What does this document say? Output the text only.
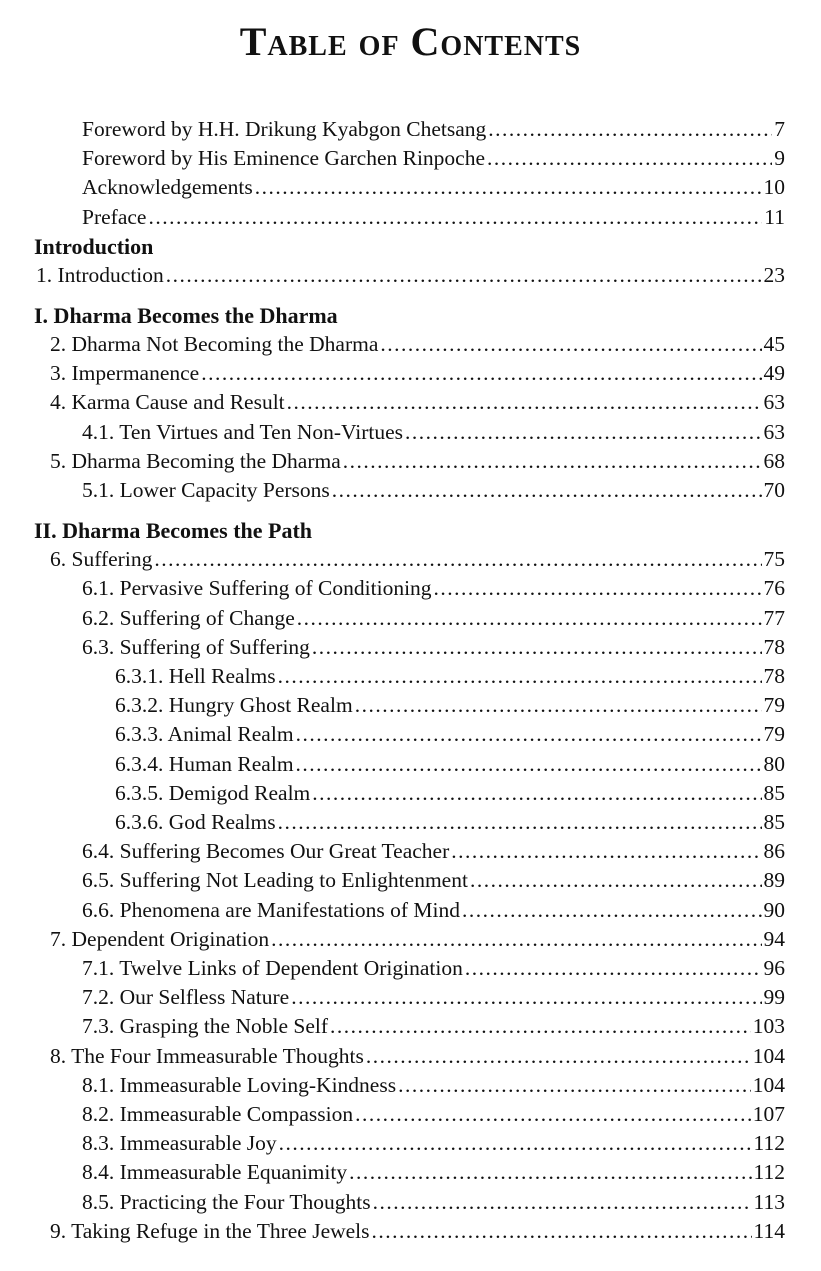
Table of Contents
Foreword by H.H. Drikung Kyabgon Chetsang .....	7
Foreword by His Eminence Garchen Rinpoche .....	9
Acknowledgements .....	10
Preface .....	11
Introduction
1. Introduction .....	23
I. Dharma Becomes the Dharma
2. Dharma Not Becoming the Dharma .....	45
3. Impermanence .....	49
4. Karma Cause and Result .....	63
4.1. Ten Virtues and Ten Non-Virtues .....	63
5. Dharma Becoming the Dharma .....	68
5.1. Lower Capacity Persons .....	70
II. Dharma Becomes the Path
6. Suffering .....	75
6.1. Pervasive Suffering of Conditioning .....	76
6.2. Suffering of Change .....	77
6.3. Suffering of Suffering .....	78
6.3.1. Hell Realms .....	78
6.3.2. Hungry Ghost Realm .....	79
6.3.3. Animal Realm .....	79
6.3.4. Human Realm .....	80
6.3.5. Demigod Realm .....	85
6.3.6. God Realms .....	85
6.4. Suffering Becomes Our Great Teacher .....	86
6.5. Suffering Not Leading to Enlightenment .....	89
6.6. Phenomena are Manifestations of Mind .....	90
7. Dependent Origination .....	94
7.1. Twelve Links of Dependent Origination .....	96
7.2. Our Selfless Nature .....	99
7.3. Grasping the Noble Self .....	103
8. The Four Immeasurable Thoughts .....	104
8.1. Immeasurable Loving-Kindness .....	104
8.2. Immeasurable Compassion .....	107
8.3. Immeasurable Joy .....	112
8.4. Immeasurable Equanimity .....	112
8.5. Practicing the Four Thoughts .....	113
9. Taking Refuge in the Three Jewels .....	114
